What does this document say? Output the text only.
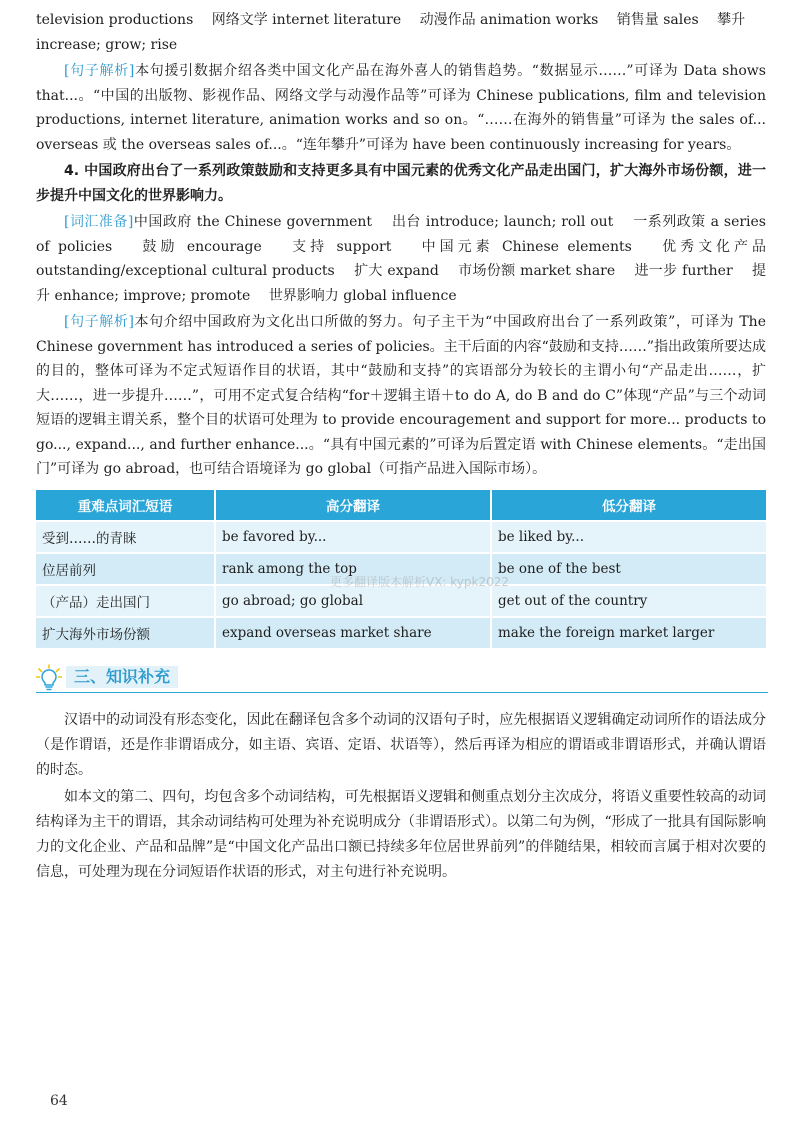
television productions　 网络文学 internet literature　 动漫作品 animation works　 销售量 sales　 攀升

increase; grow; rise

[句子解析]本句援引数据介绍各类中国文化产品在海外喜人的销售趋势。“数据显示……”可译为 Data shows that...。“中国的出版物、影视作品、网络文学与动漫作品等”可译为 Chinese publications, film and television productions, internet literature, animation works and so on。“……在海外的销售量”可译为 the sales of... overseas 或 the overseas sales of...。“连年攀升”可译为 have been continuously increasing for years。

4. 中国政府出台了一系列政策鼓励和支持更多具有中国元素的优秀文化产品走出国门，扩大海外市场份额，进一步提升中国文化的世界影响力。

[词汇准备]中国政府 the Chinese government　 出台 introduce; launch; roll out　 一系列政策 a series of policies　 鼓励 encourage　 支持 support　 中国元素 Chinese elements　 优秀文化产品 outstanding/exceptional cultural products　 扩大 expand　 市场份额 market share　 进一步 further　 提升 enhance; improve; promote　 世界影响力 global influence

[句子解析]本句介绍中国政府为文化出口所做的努力。句子主干为“中国政府出台了一系列政策”，可译为 The Chinese government has introduced a series of policies。主干后面的内容“鼓励和支持……”指出政策所要达成的目的，整体可译为不定式短语作目的状语，其中“鼓励和支持”的宾语部分为较长的主谓小句“产品走出……，扩大……，进一步提升……”，可用不定式复合结构“for＋逻辑主语＋to do A, do B and do C”体现“产品”与三个动词短语的逻辑主谓关系，整个目的状语可处理为 to provide encouragement and support for more... products to go..., expand..., and further enhance...。“具有中国元素的”可译为后置定语 with Chinese elements。“走出国门”可译为 go abroad，也可结合语境译为 go global（可指产品进入国际市场）。

重难点词汇短语	高分翻译	低分翻译
受到……的青睐	be favored by...	be liked by...
位居前列	rank among the top	be one of the best
（产品）走出国门	go abroad; go global	get out of the country
扩大海外市场份额	expand overseas market share	make the foreign market larger
三、知识补充

汉语中的动词没有形态变化，因此在翻译包含多个动词的汉语句子时，应先根据语义逻辑确定动词所作的语法成分（是作谓语，还是作非谓语成分，如主语、宾语、定语、状语等），然后再译为相应的谓语或非谓语形式，并确认谓语的时态。

如本文的第二、四句，均包含多个动词结构，可先根据语义逻辑和侧重点划分主次成分，将语义重要性较高的动词结构译为主干的谓语，其余动词结构可处理为补充说明成分（非谓语形式）。以第二句为例，“形成了一批具有国际影响力的文化企业、产品和品牌”是“中国文化产品出口额已持续多年位居世界前列”的伴随结果，相较而言属于相对次要的信息，可处理为现在分词短语作状语的形式，对主句进行补充说明。

更多翻译版本解析VX: kypk2022
64
